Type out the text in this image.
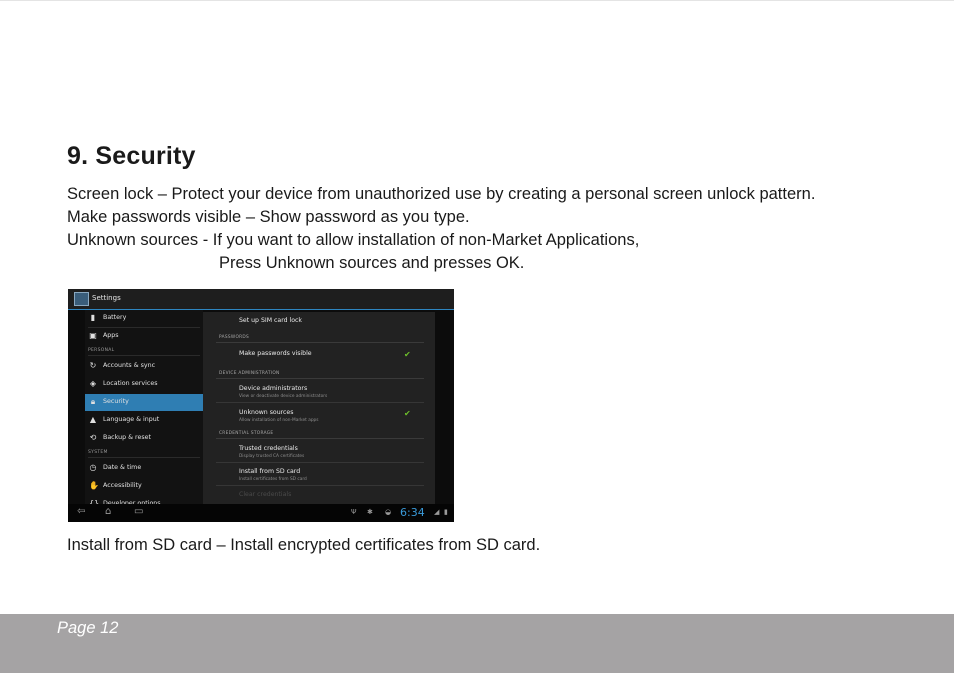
9. Security
Screen lock – Protect your device from unauthorized use by creating a personal screen unlock pattern.
Make passwords visible – Show password as you type.
Unknown sources - If you want to allow installation of non-Market Applications,
Press Unknown sources and presses OK.
Settings
▮ Battery
▣ Apps
PERSONAL
↻ Accounts & sync
◈ Location services
🔒︎ Security
▲ Language & input
⟲ Backup & reset
SYSTEM
◷ Date & time
✋ Accessibility
Set up SIM card lock
PASSWORDS
Make passwords visible	✔
DEVICE ADMINISTRATION
Device administrators
View or deactivate device administrators
Unknown sources
Allow installation of non-Market apps
✔
CREDENTIAL STORAGE
Trusted credentials
Display trusted CA certificates
Install from SD card
Install certificates from SD card
Clear credentials
⇦ ⌂ ▭	Ψ ✱ ◒ 6:34 ◢ ▮
Install from SD card – Install encrypted certificates from SD card.
Page 12
